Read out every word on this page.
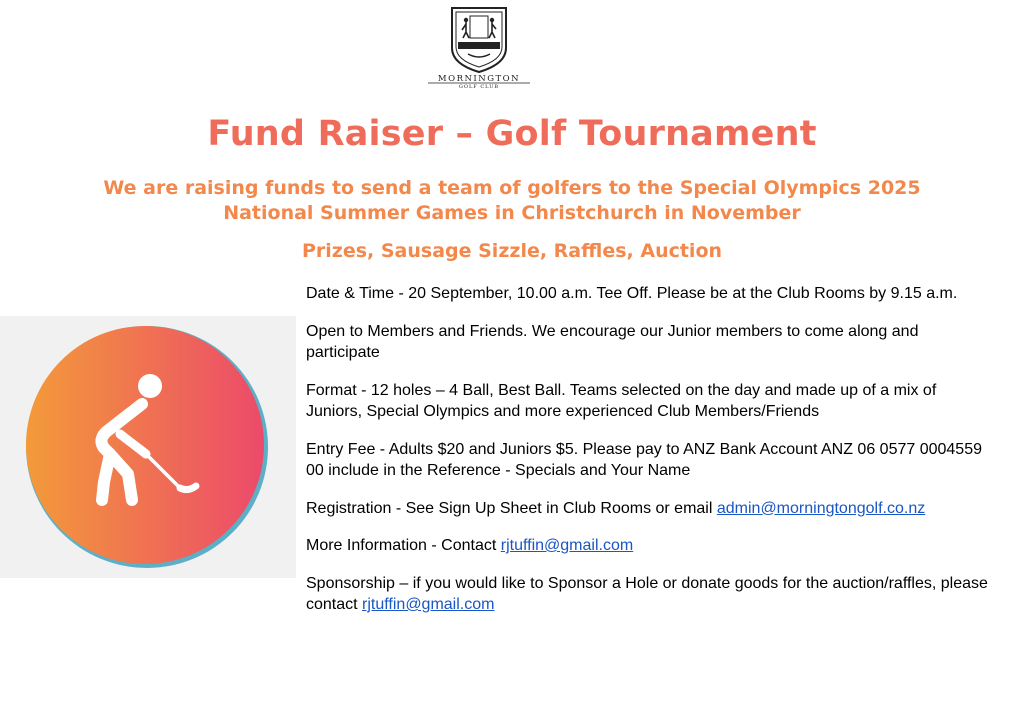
MORNINGTON
GOLF CLUB
Fund Raiser – Golf Tournament
We are raising funds to send a team of golfers to the Special Olympics 2025
National Summer Games in Christchurch in November
Prizes, Sausage Sizzle, Raffles, Auction

Date & Time - 20 September, 10.00 a.m. Tee Off. Please be at the Club Rooms by 9.15 a.m.

Open to Members and Friends. We encourage our Junior members to come along and participate

Format - 12 holes – 4 Ball, Best Ball. Teams selected on the day and made up of a mix of Juniors, Special Olympics and more experienced Club Members/Friends

Entry Fee - Adults $20 and Juniors $5. Please pay to ANZ Bank Account ANZ 06 0577 0004559 00 include in the Reference - Specials and Your Name

Registration - See Sign Up Sheet in Club Rooms or email admin@morningtongolf.co.nz

More Information - Contact rjtuffin@gmail.com

Sponsorship – if you would like to Sponsor a Hole or donate goods for the auction/raffles, please contact rjtuffin@gmail.com
